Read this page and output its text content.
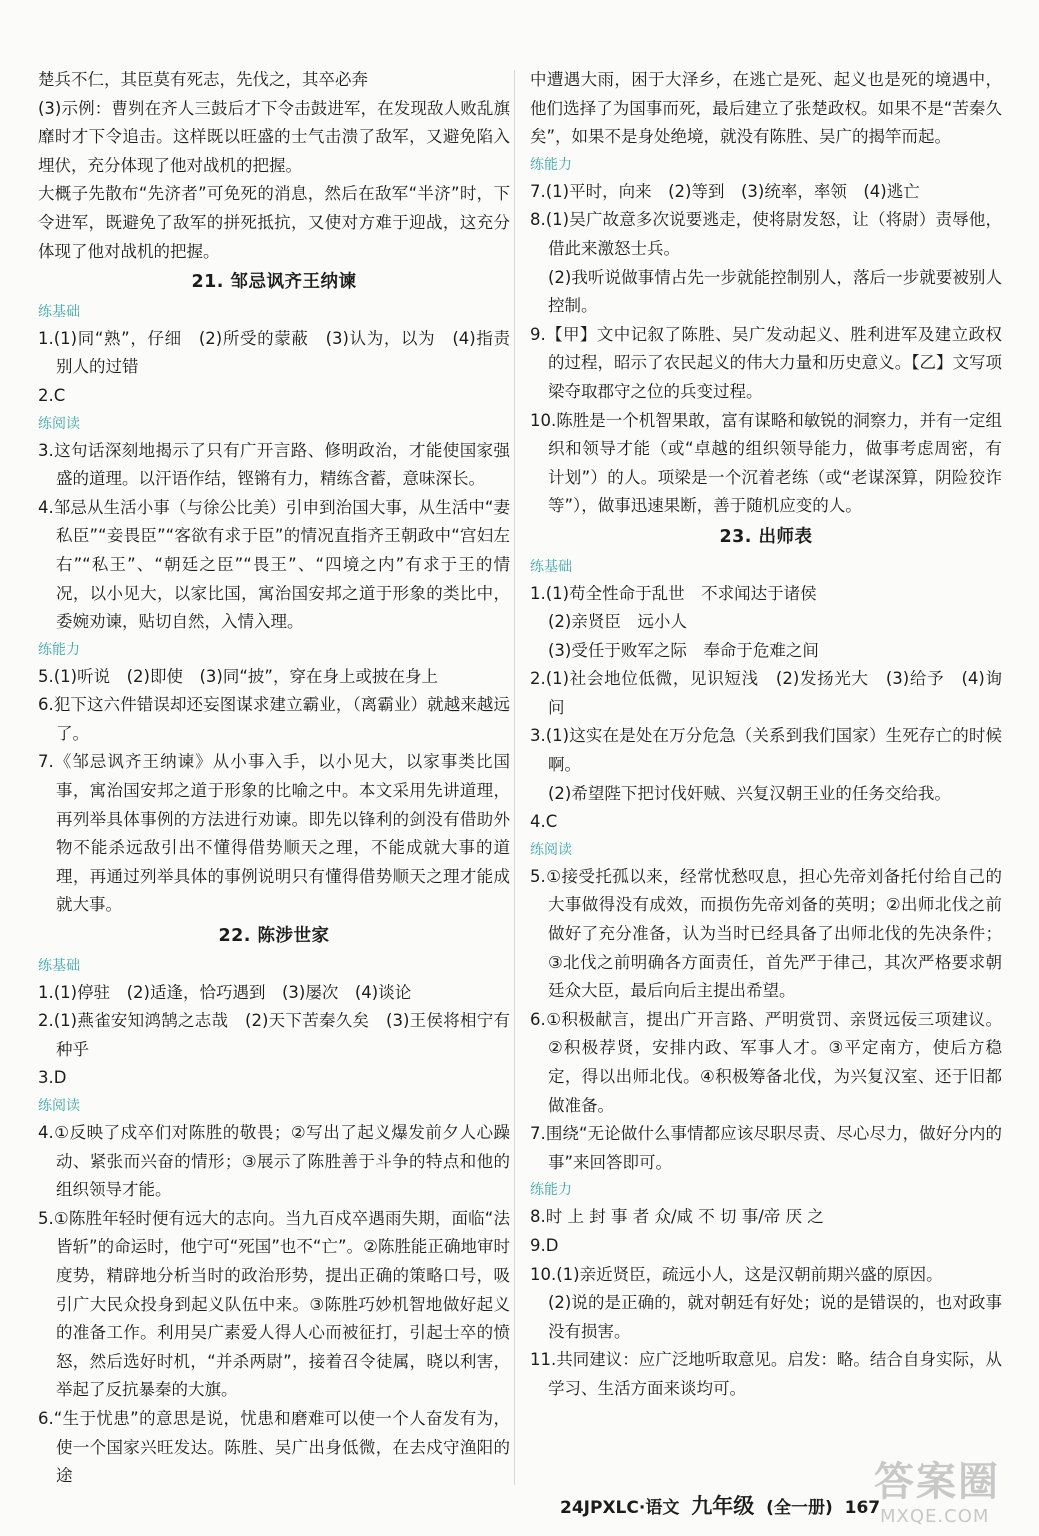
楚兵不仁，其臣莫有死志，先伐之，其卒必奔
(3)示例：曹刿在齐人三鼓后才下令击鼓进军，在发现敌人败乱旗靡时才下令追击。这样既以旺盛的士气击溃了敌军，又避免陷入埋伏，充分体现了他对战机的把握。
大概子先散布“先济者”可免死的消息，然后在敌军“半济”时，下令进军，既避免了敌军的拼死抵抗，又使对方难于迎战，这充分体现了他对战机的把握。
21. 邹忌讽齐王纳谏
练基础
1.(1)同“熟”，仔细　(2)所受的蒙蔽　(3)认为，以为　(4)指责别人的过错
2.C
练阅读
3.这句话深刻地揭示了只有广开言路、修明政治，才能使国家强盛的道理。以汗语作结，铿锵有力，精练含蓄，意味深长。
4.邹忌从生活小事（与徐公比美）引申到治国大事，从生活中“妻私臣”“妾畏臣”“客欲有求于臣”的情况直指齐王朝政中“宫妇左右”“私王”、“朝廷之臣”“畏王”、“四境之内”有求于王的情况，以小见大，以家比国，寓治国安邦之道于形象的类比中，委婉劝谏，贴切自然，入情入理。
练能力
5.(1)听说　(2)即使　(3)同“披”，穿在身上或披在身上
6.犯下这六件错误却还妄图谋求建立霸业，（离霸业）就越来越远了。
7.《邹忌讽齐王纳谏》从小事入手，以小见大，以家事类比国事，寓治国安邦之道于形象的比喻之中。本文采用先讲道理，再列举具体事例的方法进行劝谏。即先以锋利的剑没有借助外物不能杀远敌引出不懂得借势顺天之理，不能成就大事的道理，再通过列举具体的事例说明只有懂得借势顺天之理才能成就大事。
22. 陈涉世家
练基础
1.(1)停驻　(2)适逢，恰巧遇到　(3)屡次　(4)谈论
2.(1)燕雀安知鸿鹄之志哉　(2)天下苦秦久矣　(3)王侯将相宁有种乎
3.D
练阅读
4.①反映了戍卒们对陈胜的敬畏；②写出了起义爆发前夕人心躁动、紧张而兴奋的情形；③展示了陈胜善于斗争的特点和他的组织领导才能。
5.①陈胜年轻时便有远大的志向。当九百戍卒遇雨失期，面临“法皆斩”的命运时，他宁可“死国”也不“亡”。②陈胜能正确地审时度势，精辟地分析当时的政治形势，提出正确的策略口号，吸引广大民众投身到起义队伍中来。③陈胜巧妙机智地做好起义的准备工作。利用吴广素爱人得人心而被征打，引起士卒的愤怒，然后选好时机，“并杀两尉”，接着召令徒属，晓以利害，举起了反抗暴秦的大旗。
6.“生于忧患”的意思是说，忧患和磨难可以使一个人奋发有为，使一个国家兴旺发达。陈胜、吴广出身低微，在去戍守渔阳的途
中遭遇大雨，困于大泽乡，在逃亡是死、起义也是死的境遇中，他们选择了为国事而死，最后建立了张楚政权。如果不是“苦秦久矣”，如果不是身处绝境，就没有陈胜、吴广的揭竿而起。
练能力
7.(1)平时，向来　(2)等到　(3)统率，率领　(4)逃亡
8.(1)吴广故意多次说要逃走，使将尉发怒，让（将尉）责辱他，借此来激怒士兵。
(2)我听说做事情占先一步就能控制别人，落后一步就要被别人控制。
9.【甲】文中记叙了陈胜、吴广发动起义、胜利进军及建立政权的过程，昭示了农民起义的伟大力量和历史意义。【乙】文写项梁夺取郡守之位的兵变过程。
10.陈胜是一个机智果敢，富有谋略和敏锐的洞察力，并有一定组织和领导才能（或“卓越的组织领导能力，做事考虑周密，有计划”）的人。项梁是一个沉着老练（或“老谋深算，阴险狡诈等”），做事迅速果断，善于随机应变的人。
23. 出师表
练基础
1.(1)苟全性命于乱世　不求闻达于诸侯
(2)亲贤臣　远小人
(3)受任于败军之际　奉命于危难之间
2.(1)社会地位低微，见识短浅　(2)发扬光大　(3)给予　(4)询问
3.(1)这实在是处在万分危急（关系到我们国家）生死存亡的时候啊。
(2)希望陛下把讨伐奸贼、兴复汉朝王业的任务交给我。
4.C
练阅读
5.①接受托孤以来，经常忧愁叹息，担心先帝刘备托付给自己的大事做得没有成效，而损伤先帝刘备的英明；②出师北伐之前做好了充分准备，认为当时已经具备了出师北伐的先决条件；③北伐之前明确各方面责任，首先严于律己，其次严格要求朝廷众大臣，最后向后主提出希望。
6.①积极献言，提出广开言路、严明赏罚、亲贤远佞三项建议。②积极荐贤，安排内政、军事人才。③平定南方，使后方稳定，得以出师北伐。④积极筹备北伐，为兴复汉室、还于旧都做准备。
7.围绕“无论做什么事情都应该尽职尽责、尽心尽力，做好分内的事”来回答即可。
练能力
8.时 上 封 事 者 众/咸 不 切 事/帝 厌 之
9.D
10.(1)亲近贤臣，疏远小人，这是汉朝前期兴盛的原因。
(2)说的是正确的，就对朝廷有好处；说的是错误的，也对政事没有损害。
11.共同建议：应广泛地听取意见。启发：略。结合自身实际，从学习、生活方面来谈均可。
24JPXLC·语文 九年级 (全一册) 167
答案圈
MXQE.COM
